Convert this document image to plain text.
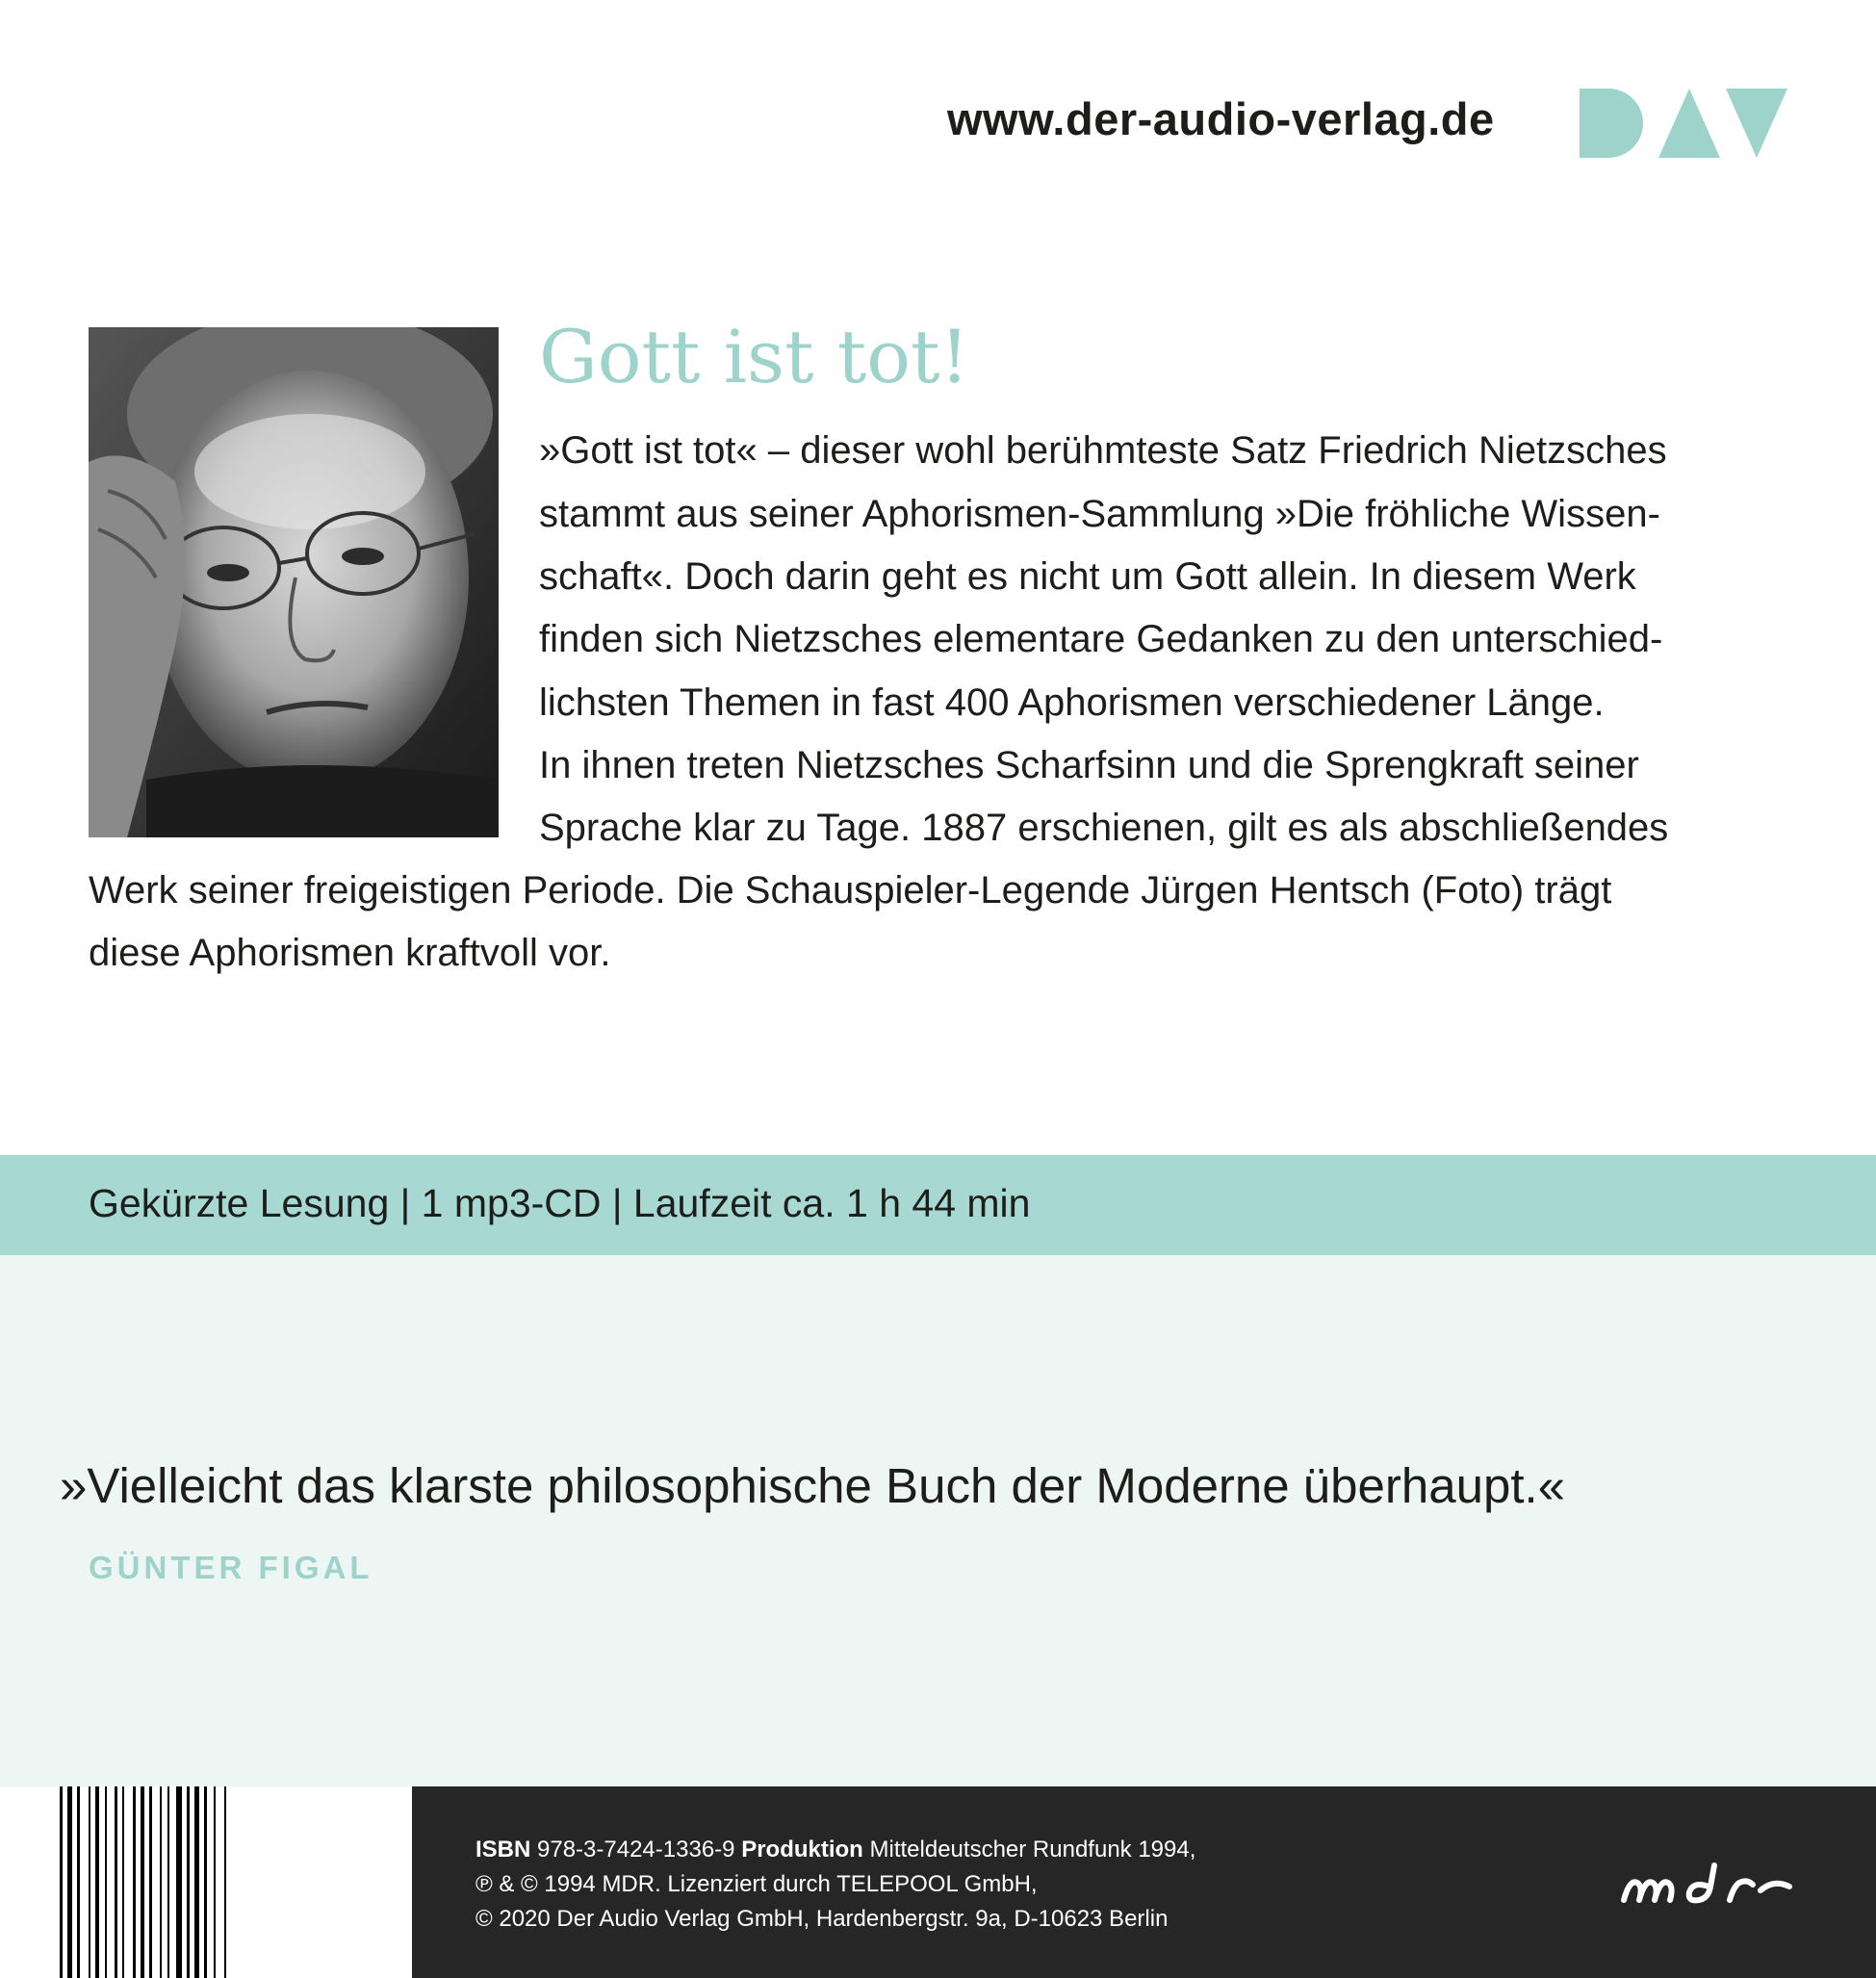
www.der-audio-verlag.de
Gott ist tot!
»Gott ist tot« – dieser wohl berühmteste Satz Friedrich Nietzsches
stammt aus seiner Aphorismen-Sammlung »Die fröhliche Wissen-
schaft«. Doch darin geht es nicht um Gott allein. In diesem Werk
finden sich Nietzsches elementare Gedanken zu den unterschied-
lichsten Themen in fast 400 Aphorismen verschiedener Länge.
In ihnen treten Nietzsches Scharfsinn und die Sprengkraft seiner
Sprache klar zu Tage. 1887 erschienen, gilt es als abschließendes
Werk seiner freigeistigen Periode. Die Schauspieler-Legende Jürgen Hentsch (Foto) trägt
diese Aphorismen kraftvoll vor.
Gekürzte Lesung | 1 mp3-CD | Laufzeit ca. 1 h 44 min
»Vielleicht das klarste philosophische Buch der Moderne überhaupt.«
GÜNTER FIGAL
ISBN 978-3-7424-1336-9 Produktion Mitteldeutscher Rundfunk 1994,
℗ & © 1994 MDR. Lizenziert durch TELEPOOL GmbH,
© 2020 Der Audio Verlag GmbH, Hardenbergstr. 9a, D-10623 Berlin
